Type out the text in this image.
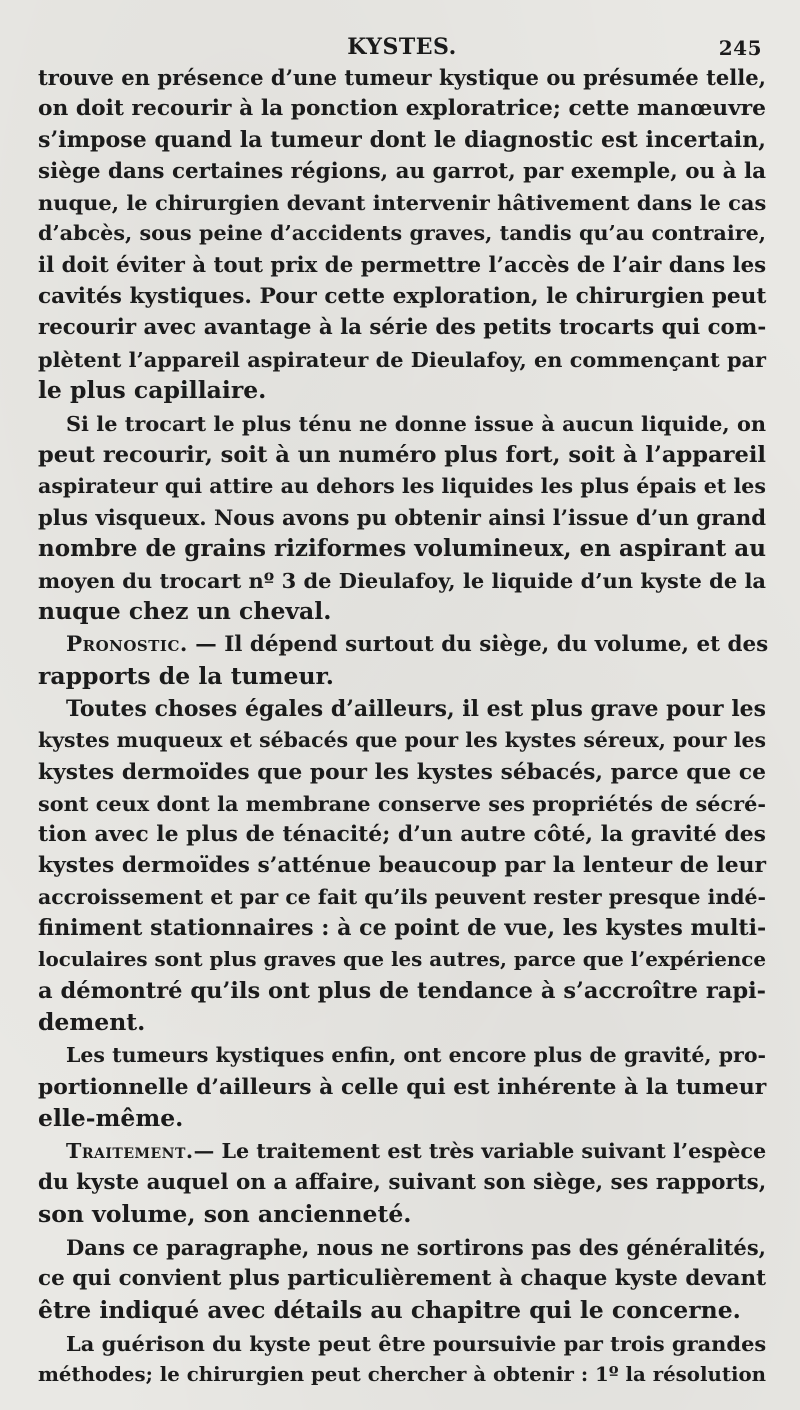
KYSTES.	245
trouve en présence d’une tumeur kystique ou présumée telle,
on doit recourir à la ponction exploratrice; cette manœuvre
s’impose quand la tumeur dont le diagnostic est incertain,
siège dans certaines régions, au garrot, par exemple, ou à la
nuque, le chirurgien devant intervenir hâtivement dans le cas
d’abcès, sous peine d’accidents graves, tandis qu’au contraire,
il doit éviter à tout prix de permettre l’accès de l’air dans les
cavités kystiques. Pour cette exploration, le chirurgien peut
recourir avec avantage à la série des petits trocarts qui com-
plètent l’appareil aspirateur de Dieulafoy, en commençant par
le plus capillaire.
Si le trocart le plus ténu ne donne issue à aucun liquide, on
peut recourir, soit à un numéro plus fort, soit à l’appareil
aspirateur qui attire au dehors les liquides les plus épais et les
plus visqueux. Nous avons pu obtenir ainsi l’issue d’un grand
nombre de grains riziformes volumineux, en aspirant au
moyen du trocart nº 3 de Dieulafoy, le liquide d’un kyste de la
nuque chez un cheval.
Pronostic. — Il dépend surtout du siège, du volume, et des
rapports de la tumeur.
Toutes choses égales d’ailleurs, il est plus grave pour les
kystes muqueux et sébacés que pour les kystes séreux, pour les
kystes dermoïdes que pour les kystes sébacés, parce que ce
sont ceux dont la membrane conserve ses propriétés de sécré-
tion avec le plus de ténacité; d’un autre côté, la gravité des
kystes dermoïdes s’atténue beaucoup par la lenteur de leur
accroissement et par ce fait qu’ils peuvent rester presque indé-
finiment stationnaires : à ce point de vue, les kystes multi-
loculaires sont plus graves que les autres, parce que l’expérience
a démontré qu’ils ont plus de tendance à s’accroître rapi-
dement.
Les tumeurs kystiques enfin, ont encore plus de gravité, pro-
portionnelle d’ailleurs à celle qui est inhérente à la tumeur
elle-même.
Traitement.— Le traitement est très variable suivant l’espèce
du kyste auquel on a affaire, suivant son siège, ses rapports,
son volume, son ancienneté.
Dans ce paragraphe, nous ne sortirons pas des généralités,
ce qui convient plus particulièrement à chaque kyste devant
être indiqué avec détails au chapitre qui le concerne.
La guérison du kyste peut être poursuivie par trois grandes
méthodes; le chirurgien peut chercher à obtenir : 1º la résolution
